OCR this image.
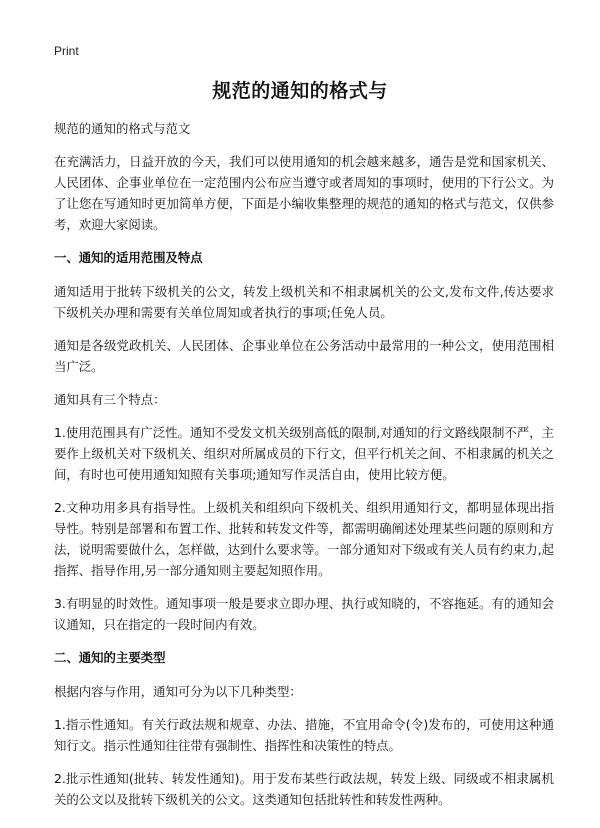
Print
规范的通知的格式与

规范的通知的格式与范文

在充满活力，日益开放的今天，我们可以使用通知的机会越来越多，通告是党和国家机关、人民团体、企事业单位在一定范围内公布应当遵守或者周知的事项时，使用的下行公文。为了让您在写通知时更加简单方便，下面是小编收集整理的规范的通知的格式与范文，仅供参考，欢迎大家阅读。

一、通知的适用范围及特点

通知适用于批转下级机关的公文，转发上级机关和不相隶属机关的公文,发布文件,传达要求下级机关办理和需要有关单位周知或者执行的事项;任免人员。

通知是各级党政机关、人民团体、企事业单位在公务活动中最常用的一种公文，使用范围相当广泛。

通知具有三个特点：

1.使用范围具有广泛性。通知不受发文机关级别高低的限制,对通知的行文路线限制不严，主要作上级机关对下级机关、组织对所属成员的下行文，但平行机关之间、不相隶属的机关之间，有时也可使用通知知照有关事项;通知写作灵活自由，使用比较方便。

2.文种功用多具有指导性。上级机关和组织向下级机关、组织用通知行文，都明显体现出指导性。特别是部署和布置工作、批转和转发文件等，都需明确阐述处理某些问题的原则和方法，说明需要做什么，怎样做，达到什么要求等。一部分通知对下级或有关人员有约束力,起指挥、指导作用,另一部分通知则主要起知照作用。

3.有明显的时效性。通知事项一般是要求立即办理、执行或知晓的，不容拖延。有的通知会议通知，只在指定的一段时间内有效。

二、通知的主要类型

根据内容与作用，通知可分为以下几种类型：

1.指示性通知。有关行政法规和规章、办法、措施，不宜用命令(令)发布的，可使用这种通知行文。指示性通知往往带有强制性、指挥性和决策性的特点。

2.批示性通知(批转、转发性通知)。用于发布某些行政法规，转发上级、同级或不相隶属机关的公文以及批转下级机关的公文。这类通知包括批转性和转发性两种。
